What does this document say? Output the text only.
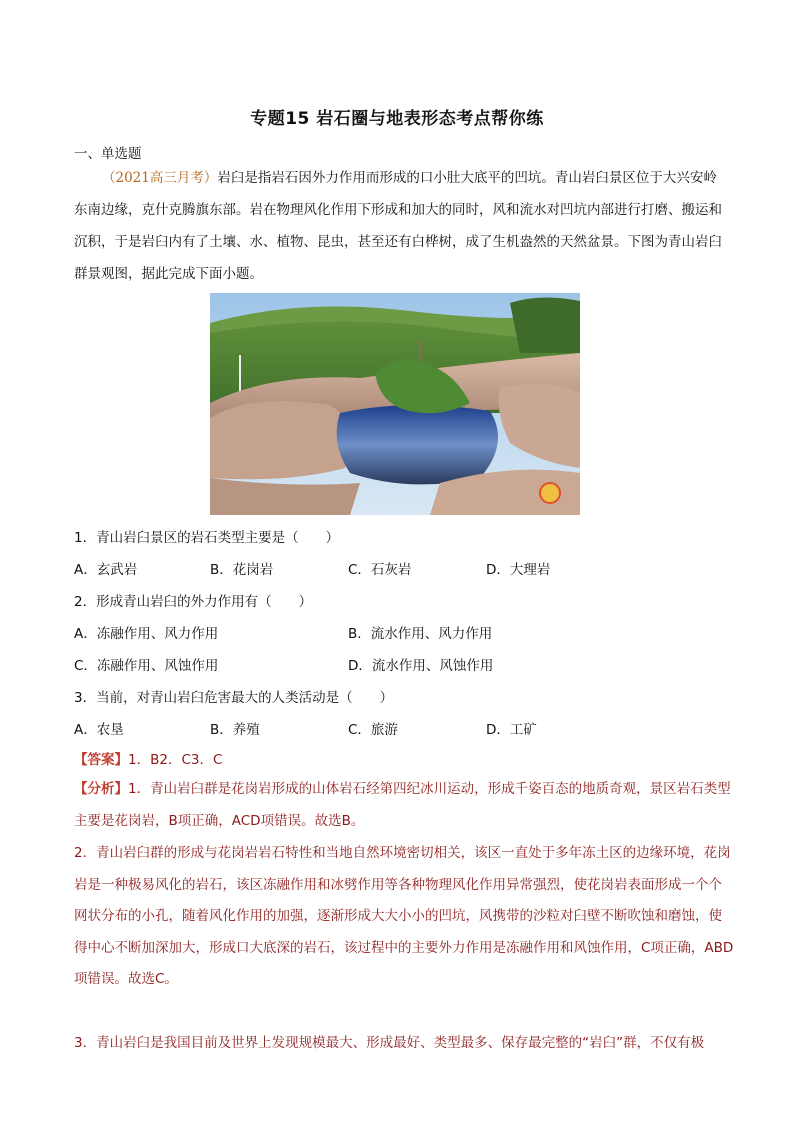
专题15 岩石圈与地表形态考点帮你练
一、单选题
（2021高三月考）岩臼是指岩石因外力作用而形成的口小肚大底平的凹坑。青山岩臼景区位于大兴安岭东南边缘，克什克腾旗东部。岩在物理风化作用下形成和加大的同时，风和流水对凹坑内部进行打磨、搬运和沉积，于是岩臼内有了土壤、水、植物、昆虫，甚至还有白桦树，成了生机盎然的天然盆景。下图为青山岩臼群景观图，据此完成下面小题。
1．青山岩臼景区的岩石类型主要是（　　）
A．玄武岩	B．花岗岩	C．石灰岩	D．大理岩
2．形成青山岩臼的外力作用有（　　）
A．冻融作用、风力作用	B．流水作用、风力作用
C．冻融作用、风蚀作用	D．流水作用、风蚀作用
3．当前，对青山岩臼危害最大的人类活动是（　　）
A．农垦	B．养殖	C．旅游	D．工矿
【答案】1．B2．C3．C
【分析】1．青山岩臼群是花岗岩形成的山体岩石经第四纪冰川运动，形成千姿百态的地质奇观，景区岩石类型主要是花岗岩，B项正确，ACD项错误。故选B。
2．青山岩臼群的形成与花岗岩岩石特性和当地自然环境密切相关，该区一直处于多年冻土区的边缘环境，花岗岩是一种极易风化的岩石，该区冻融作用和冰劈作用等各种物理风化作用异常强烈，使花岗岩表面形成一个个网状分布的小孔，随着风化作用的加强，逐渐形成大大小小的凹坑，风携带的沙粒对臼壁不断吹蚀和磨蚀，使得中心不断加深加大，形成口大底深的岩石，该过程中的主要外力作用是冻融作用和风蚀作用，C项正确，ABD项错误。故选C。
3．青山岩臼是我国目前及世界上发现规模最大、形成最好、类型最多、保存最完整的“岩臼”群，不仅有极
